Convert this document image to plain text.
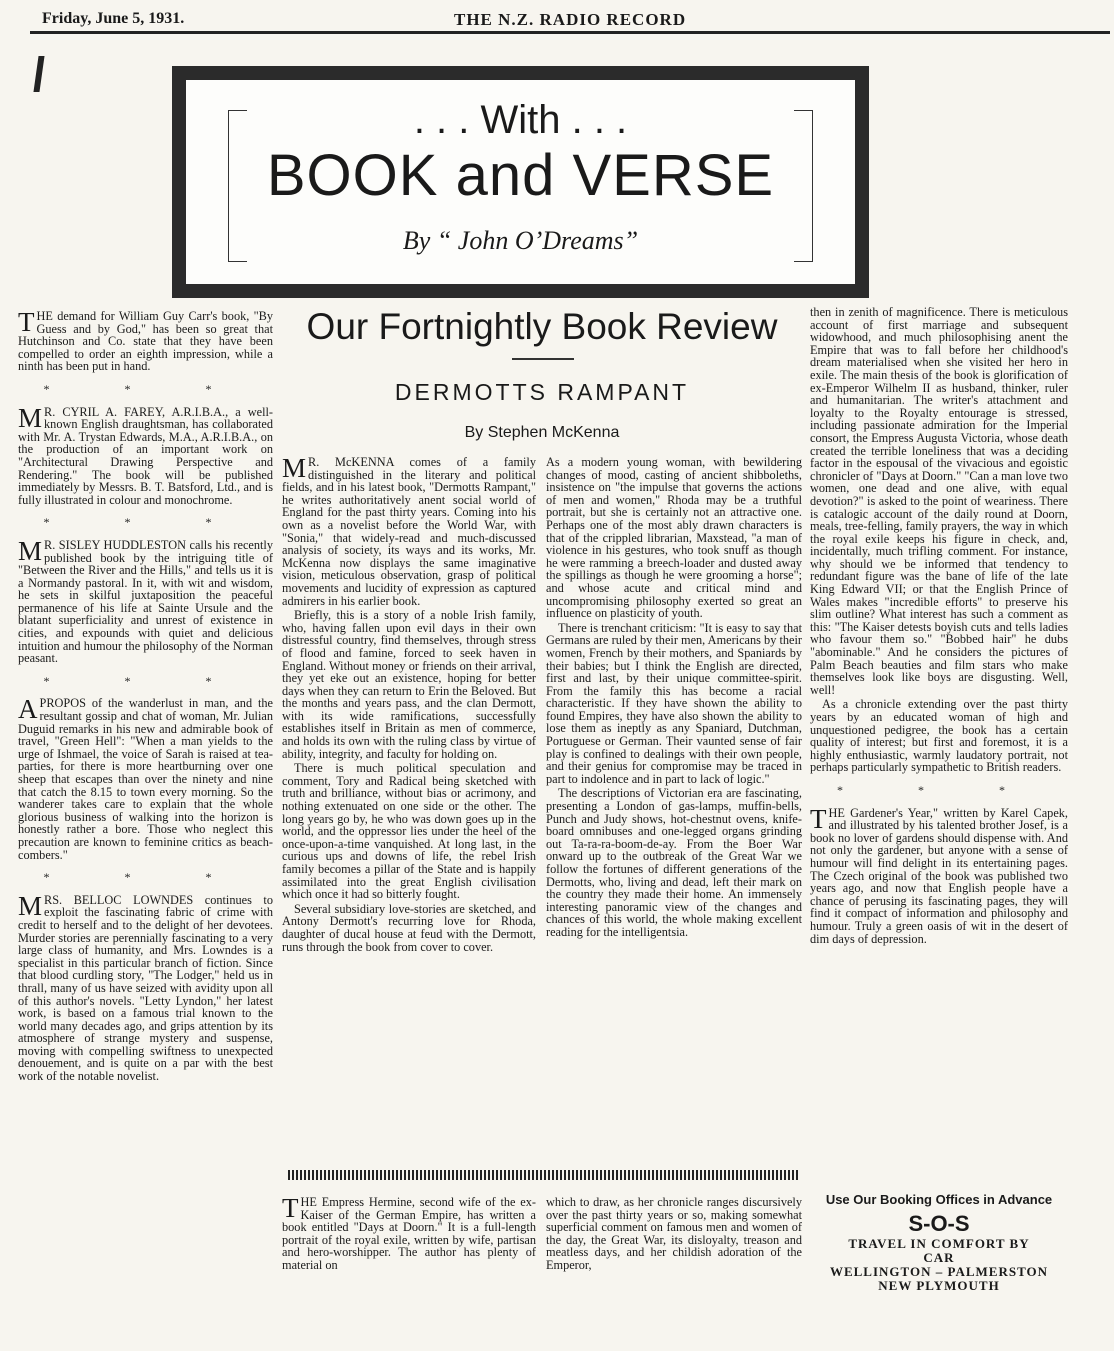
Friday, June 5, 1931.	THE N.Z. RADIO RECORD
. . . With . . .
BOOK and VERSE
By “ John O’Dreams”

THE demand for William Guy Carr's book, "By Guess and by God," has been so great that Hutchinson and Co. state that they have been compelled to order an eighth impression, while a ninth has been put in hand.

* * *

M R. CYRIL A. FAREY, A.R.I.B.A., a well-known English draughtsman, has collaborated with Mr. A. Trystan Edwards, M.A., A.R.I.B.A., on the production of an important work on "Architectural Drawing Perspective and Rendering." The book will be published immediately by Messrs. B. T. Batsford, Ltd., and is fully illustrated in colour and monochrome.

* * *

M R. SISLEY HUDDLESTON calls his recently published book by the intriguing title of "Between the River and the Hills," and tells us it is a Normandy pastoral. In it, with wit and wisdom, he sets in skilful juxtaposition the peaceful permanence of his life at Sainte Ursule and the blatant superficiality and unrest of existence in cities, and expounds with quiet and delicious intuition and humour the philosophy of the Norman peasant.

* * *

APROPOS of the wanderlust in man, and the resultant gossip and chat of woman, Mr. Julian Duguid remarks in his new and admirable book of travel, "Green Hell": "When a man yields to the urge of Ishmael, the voice of Sarah is raised at tea-parties, for there is more heartburning over one sheep that escapes than over the ninety and nine that catch the 8.15 to town every morning. So the wanderer takes care to explain that the whole glorious business of walking into the horizon is honestly rather a bore. Those who neglect this precaution are known to feminine critics as beach-combers."

* * *

MRS. BELLOC LOWNDES continues to exploit the fascinating fabric of crime with credit to herself and to the delight of her devotees. Murder stories are perennially fascinating to a very large class of humanity, and Mrs. Lowndes is a specialist in this particular branch of fiction. Since that blood curdling story, "The Lodger," held us in thrall, many of us have seized with avidity upon all of this author's novels. "Letty Lyndon," her latest work, is based on a famous trial known to the world many decades ago, and grips attention by its atmosphere of strange mystery and suspense, moving with compelling swiftness to unexpected denouement, and is quite on a par with the best work of the notable novelist.

Our Fortnightly Book Review
DERMOTTS RAMPANT
By Stephen McKenna

M R. McKENNA comes of a family distinguished in the literary and political fields, and in his latest book, "Dermotts Rampant," he writes authoritatively anent social world of England for the past thirty years. Coming into his own as a novelist before the World War, with "Sonia," that widely-read and much-discussed analysis of society, its ways and its works, Mr. McKenna now displays the same imaginative vision, meticulous observation, grasp of political movements and lucidity of expression as captured admirers in his earlier book.

Briefly, this is a story of a noble Irish family, who, having fallen upon evil days in their own distressful country, find themselves, through stress of flood and famine, forced to seek haven in England. Without money or friends on their arrival, they yet eke out an existence, hoping for better days when they can return to Erin the Beloved. But the months and years pass, and the clan Dermott, with its wide ramifications, successfully establishes itself in Britain as men of commerce, and holds its own with the ruling class by virtue of ability, integrity, and faculty for holding on.

There is much political speculation and comment, Tory and Radical being sketched with truth and brilliance, without bias or acrimony, and nothing extenuated on one side or the other. The long years go by, he who was down goes up in the world, and the oppressor lies under the heel of the once-upon-a-time vanquished. At long last, in the curious ups and downs of life, the rebel Irish family becomes a pillar of the State and is happily assimilated into the great English civilisation which once it had so bitterly fought.

Several subsidiary love-stories are sketched, and Antony Dermott's recurring love for Rhoda, daughter of ducal house at feud with the Dermott, runs through the book from cover to cover.

As a modern young woman, with bewildering changes of mood, casting of ancient shibboleths, insistence on "the impulse that governs the actions of men and women," Rhoda may be a truthful portrait, but she is certainly not an attractive one. Perhaps one of the most ably drawn characters is that of the crippled librarian, Maxstead, "a man of violence in his gestures, who took snuff as though he were ramming a breech-loader and dusted away the spillings as though he were grooming a horse"; and whose acute and critical mind and uncompromising philosophy exerted so great an influence on plasticity of youth.

There is trenchant criticism: "It is easy to say that Germans are ruled by their men, Americans by their women, French by their mothers, and Spaniards by their babies; but I think the English are directed, first and last, by their unique committee-spirit. From the family this has become a racial characteristic. If they have shown the ability to found Empires, they have also shown the ability to lose them as ineptly as any Spaniard, Dutchman, Portuguese or German. Their vaunted sense of fair play is confined to dealings with their own people, and their genius for compromise may be traced in part to indolence and in part to lack of logic."

The descriptions of Victorian era are fascinating, presenting a London of gas-lamps, muffin-bells, Punch and Judy shows, hot-chestnut ovens, knife-board omnibuses and one-legged organs grinding out Ta-ra-ra-boom-de-ay. From the Boer War onward up to the outbreak of the Great War we follow the fortunes of different generations of the Dermotts, who, living and dead, left their mark on the country they made their home. An immensely interesting panoramic view of the changes and chances of this world, the whole making excellent reading for the intelligentsia.

THE Empress Hermine, second wife of the ex-Kaiser of the German Empire, has written a book entitled "Days at Doorn." It is a full-length portrait of the royal exile, written by wife, partisan and hero-worshipper. The author has plenty of material on

which to draw, as her chronicle ranges discursively over the past thirty years or so, making somewhat superficial comment on famous men and women of the day, the Great War, its disloyalty, treason and meatless days, and her childish adoration of the Emperor,

then in zenith of magnificence. There is meticulous account of first marriage and subsequent widowhood, and much philosophising anent the Empire that was to fall before her childhood's dream materialised when she visited her hero in exile. The main thesis of the book is glorification of ex-Emperor Wilhelm II as husband, thinker, ruler and humanitarian. The writer's attachment and loyalty to the Royalty entourage is stressed, including passionate admiration for the Imperial consort, the Empress Augusta Victoria, whose death created the terrible loneliness that was a deciding factor in the espousal of the vivacious and egoistic chronicler of "Days at Doorn." "Can a man love two women, one dead and one alive, with equal devotion?" is asked to the point of weariness. There is catalogic account of the daily round at Doorn, meals, tree-felling, family prayers, the way in which the royal exile keeps his figure in check, and, incidentally, much trifling comment. For instance, why should we be informed that tendency to redundant figure was the bane of life of the late King Edward VII; or that the English Prince of Wales makes "incredible efforts" to preserve his slim outline? What interest has such a comment as this: "The Kaiser detests boyish cuts and tells ladies who favour them so." "Bobbed hair" he dubs "abominable." And he considers the pictures of Palm Beach beauties and film stars who make themselves look like boys are disgusting. Well, well!

As a chronicle extending over the past thirty years by an educated woman of high and unquestioned pedigree, the book has a certain quality of interest; but first and foremost, it is a highly enthusiastic, warmly laudatory portrait, not perhaps particularly sympathetic to British readers.

* * *

THE Gardener's Year," written by Karel Capek, and illustrated by his talented brother Josef, is a book no lover of gardens should dispense with. And not only the gardener, but anyone with a sense of humour will find delight in its entertaining pages. The Czech original of the book was published two years ago, and now that English people have a chance of perusing its fascinating pages, they will find it compact of information and philosophy and humour. Truly a green oasis of wit in the desert of dim days of depression.

Use Our Booking Offices in Advance
S-O-S
TRAVEL IN COMFORT BY
CAR
WELLINGTON – PALMERSTON
NEW PLYMOUTH
